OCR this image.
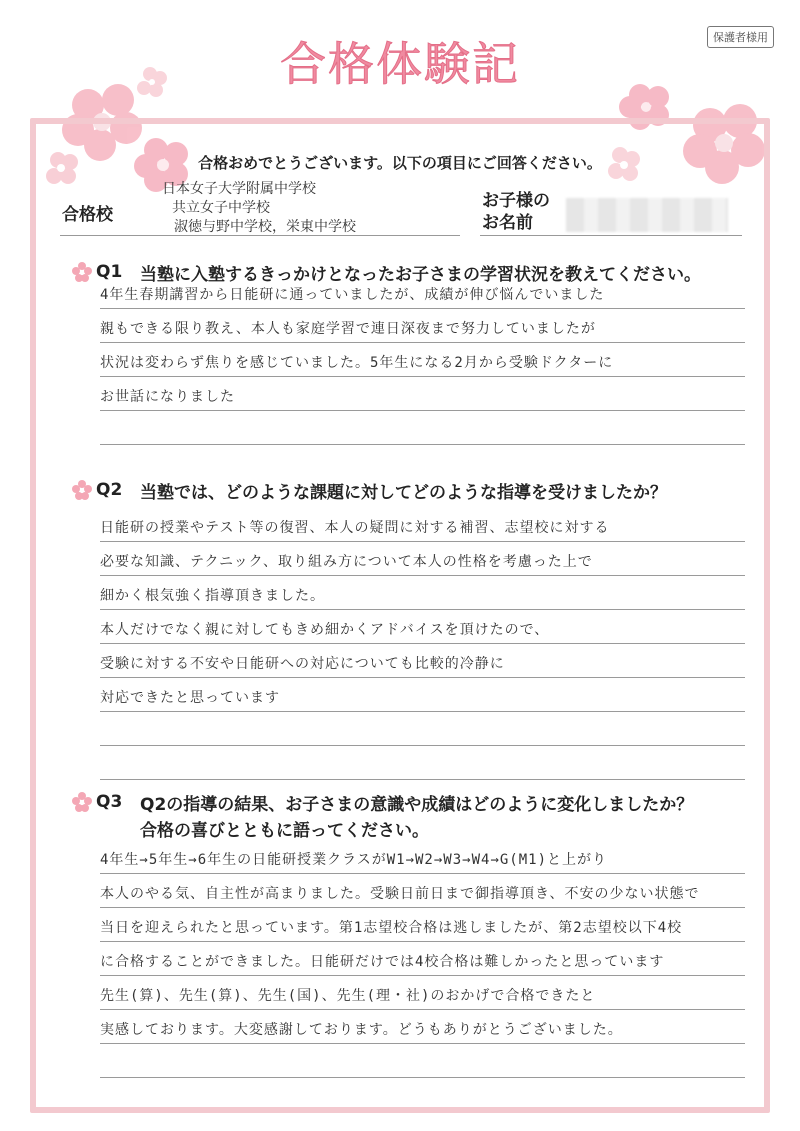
保護者様用
合格体験記
合格おめでとうございます。以下の項目にご回答ください。
合格校
日本女子大学附属中学校
共立女子中学校
淑徳与野中学校，栄東中学校
お子様の
お名前
Q1	当塾に入塾するきっかけとなったお子さまの学習状況を教えてください。
4年生春期講習から日能研に通っていましたが、成績が伸び悩んでいました
親もできる限り教え、本人も家庭学習で連日深夜まで努力していましたが
状況は変わらず焦りを感じていました。5年生になる2月から受験ドクターに
お世話になりました
Q2	当塾では、どのような課題に対してどのような指導を受けましたか？
日能研の授業やテスト等の復習、本人の疑問に対する補習、志望校に対する
必要な知識、テクニック、取り組み方について本人の性格を考慮った上で
細かく根気強く指導頂きました。
本人だけでなく親に対してもきめ細かくアドバイスを頂けたので、
受験に対する不安や日能研への対応についても比較的冷静に
対応できたと思っています
Q3	Q2の指導の結果、お子さまの意識や成績はどのように変化しましたか？
合格の喜びとともに語ってください。
4年生→5年生→6年生の日能研授業クラスがW1→W2→W3→W4→G(M1)と上がり
本人のやる気、自主性が高まりました。受験日前日まで御指導頂き、不安の少ない状態で
当日を迎えられたと思っています。第1志望校合格は逃しましたが、第2志望校以下4校
に合格することができました。日能研だけでは4校合格は難しかったと思っています
先生(算)、先生(算)、先生(国)、先生(理・社)のおかげで合格できたと
実感しております。大変感謝しております。どうもありがとうございました。
